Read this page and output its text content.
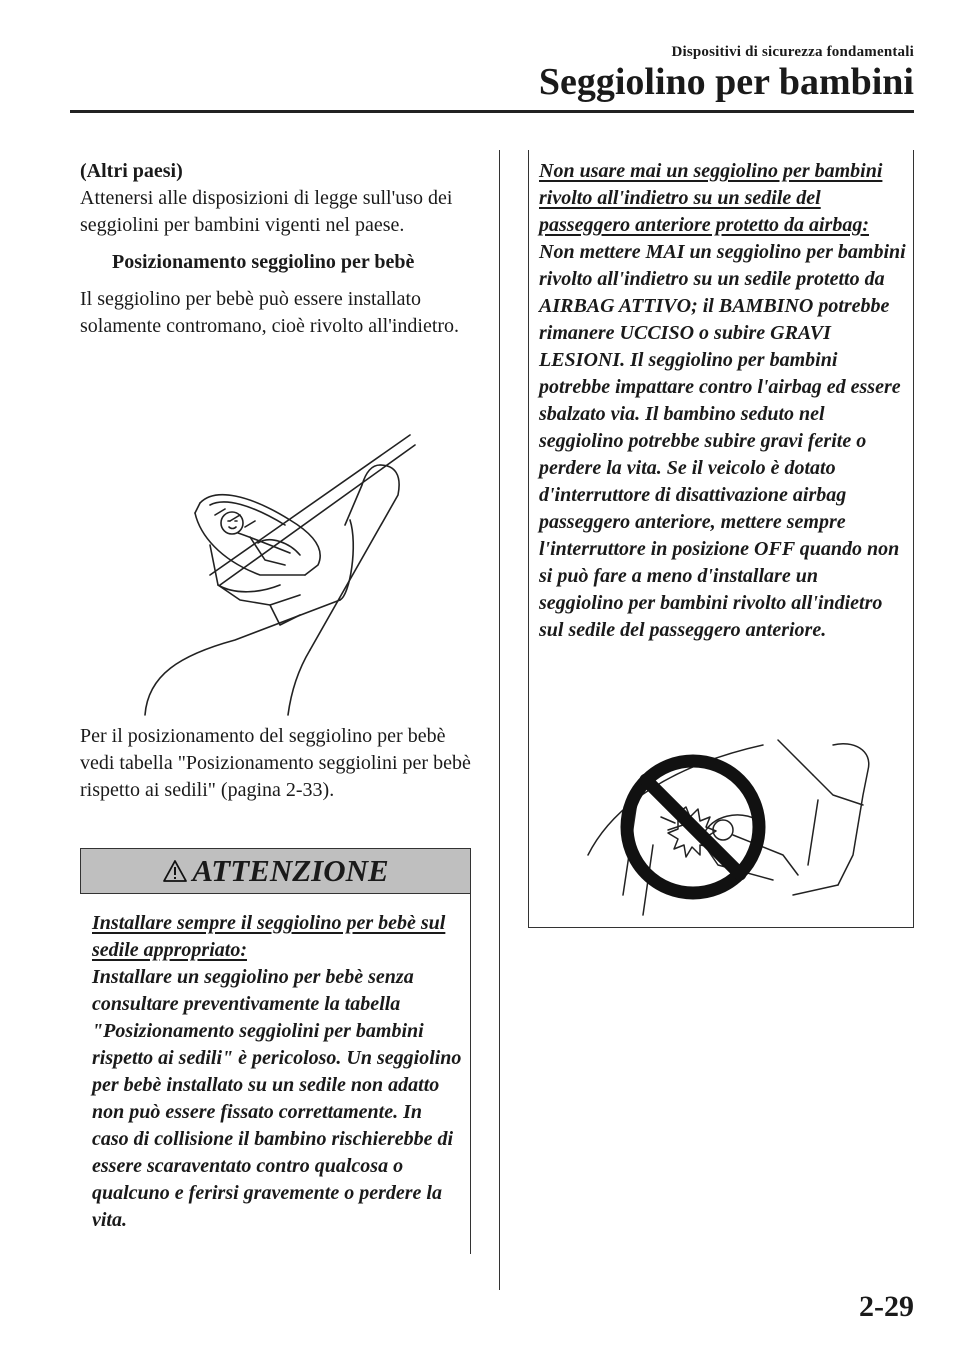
Dispositivi di sicurezza fondamentali
Seggiolino per bambini

(Altri paesi)

Attenersi alle disposizioni di legge sull'uso dei seggiolini per bambini vigenti nel paese.

Posizionamento seggiolino per bebè

Il seggiolino per bebè può essere installato solamente contromano, cioè rivolto all'indietro.

Per il posizionamento del seggiolino per bebè vedi tabella "Posizionamento seggiolini per bebè rispetto ai sedili" (pagina 2-33).

ATTENZIONE
Installare sempre il seggiolino per bebè sul sedile appropriato:
Installare un seggiolino per bebè senza consultare preventivamente la tabella "Posizionamento seggiolini per bambini rispetto ai sedili" è pericoloso. Un seggiolino per bebè installato su un sedile non adatto non può essere fissato correttamente. In caso di collisione il bambino rischierebbe di essere scaraventato contro qualcosa o qualcuno e ferirsi gravemente o perdere la vita.
Non usare mai un seggiolino per bambini rivolto all'indietro su un sedile del passeggero anteriore protetto da airbag:
Non mettere MAI un seggiolino per bambini rivolto all'indietro su un sedile protetto da AIRBAG ATTIVO; il BAMBINO potrebbe rimanere UCCISO o subire GRAVI LESIONI. Il seggiolino per bambini potrebbe impattare contro l'airbag ed essere sbalzato via. Il bambino seduto nel seggiolino potrebbe subire gravi ferite o perdere la vita. Se il veicolo è dotato d'interruttore di disattivazione airbag passeggero anteriore, mettere sempre l'interruttore in posizione OFF quando non si può fare a meno d'installare un seggiolino per bambini rivolto all'indietro sul sedile del passeggero anteriore.
2-29
